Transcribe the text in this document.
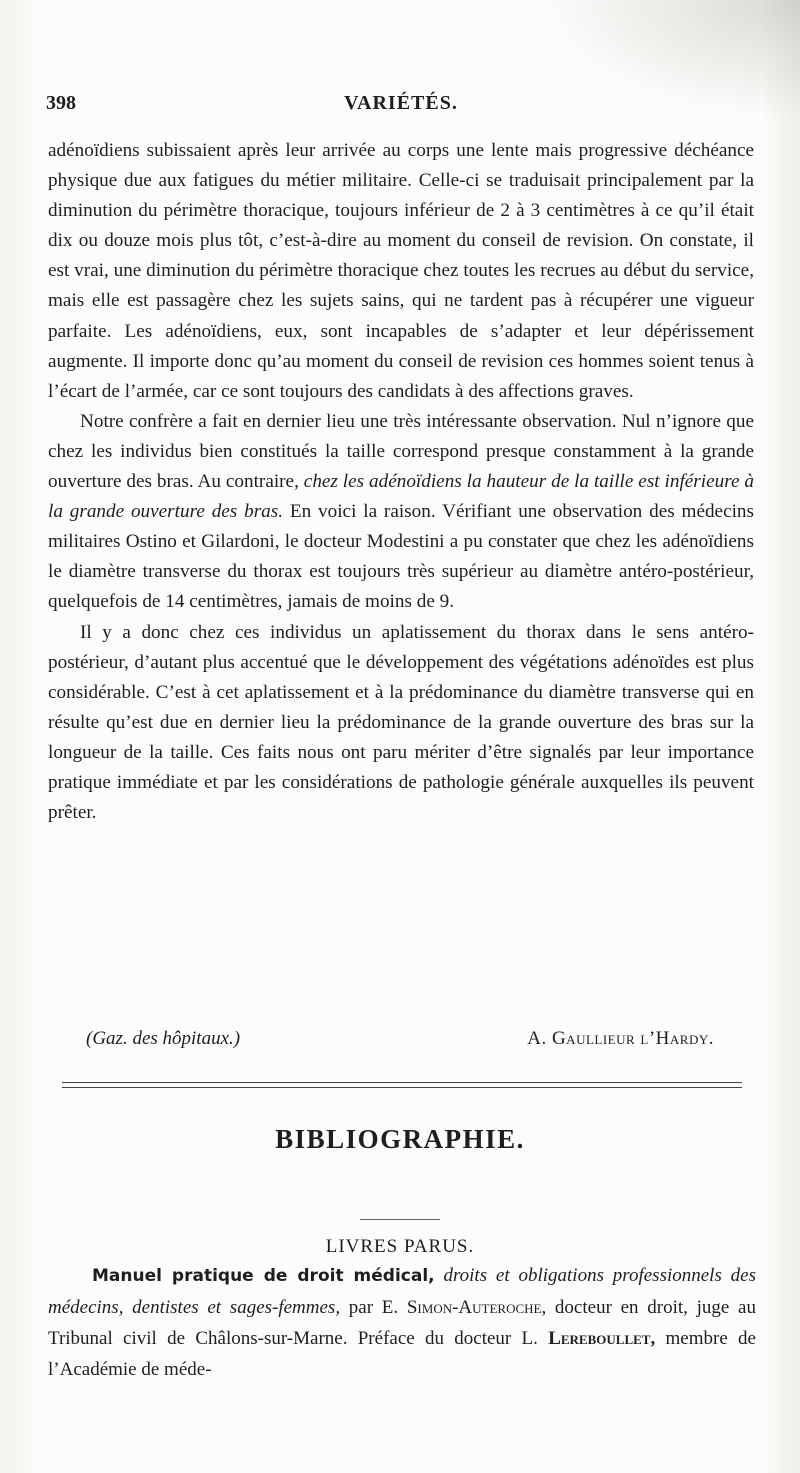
398	VARIÉTÉS.

adénoïdiens subissaient après leur arrivée au corps une lente mais progressive déchéance physique due aux fatigues du métier militaire. Celle-ci se traduisait principalement par la diminution du périmètre thoracique, toujours inférieur de 2 à 3 centimètres à ce qu’il était dix ou douze mois plus tôt, c’est-à-dire au moment du conseil de revision. On constate, il est vrai, une diminution du périmètre thoracique chez toutes les recrues au début du service, mais elle est passagère chez les sujets sains, qui ne tardent pas à récupérer une vigueur parfaite. Les adénoïdiens, eux, sont incapables de s’adapter et leur dépérissement augmente. Il importe donc qu’au moment du conseil de revision ces hommes soient tenus à l’écart de l’armée, car ce sont toujours des candidats à des affections graves.

Notre confrère a fait en dernier lieu une très intéressante observation. Nul n’ignore que chez les individus bien constitués la taille correspond presque constamment à la grande ouverture des bras. Au contraire, chez les adénoïdiens la hauteur de la taille est inférieure à la grande ouverture des bras. En voici la raison. Vérifiant une observation des médecins militaires Ostino et Gilardoni, le docteur Modestini a pu constater que chez les adénoïdiens le diamètre transverse du thorax est toujours très supérieur au diamètre antéro-postérieur, quelquefois de 14 centimètres, jamais de moins de 9.

Il y a donc chez ces individus un aplatissement du thorax dans le sens antéro-postérieur, d’autant plus accentué que le développement des végétations adénoïdes est plus considérable. C’est à cet aplatissement et à la prédominance du diamètre transverse qui en résulte qu’est due en dernier lieu la prédominance de la grande ouverture des bras sur la longueur de la taille. Ces faits nous ont paru mériter d’être signalés par leur importance pratique immédiate et par les considérations de pathologie générale auxquelles ils peuvent prêter.

(Gaz. des hôpitaux.)	A. Gaullieur l’Hardy.
BIBLIOGRAPHIE.
LIVRES PARUS.

Manuel pratique de droit médical, droits et obligations professionnels des médecins, dentistes et sages-femmes, par E. Simon-Auteroche, docteur en droit, juge au Tribunal civil de Châlons-sur-Marne. Préface du docteur L. Lereboullet, membre de l’Académie de méde-
